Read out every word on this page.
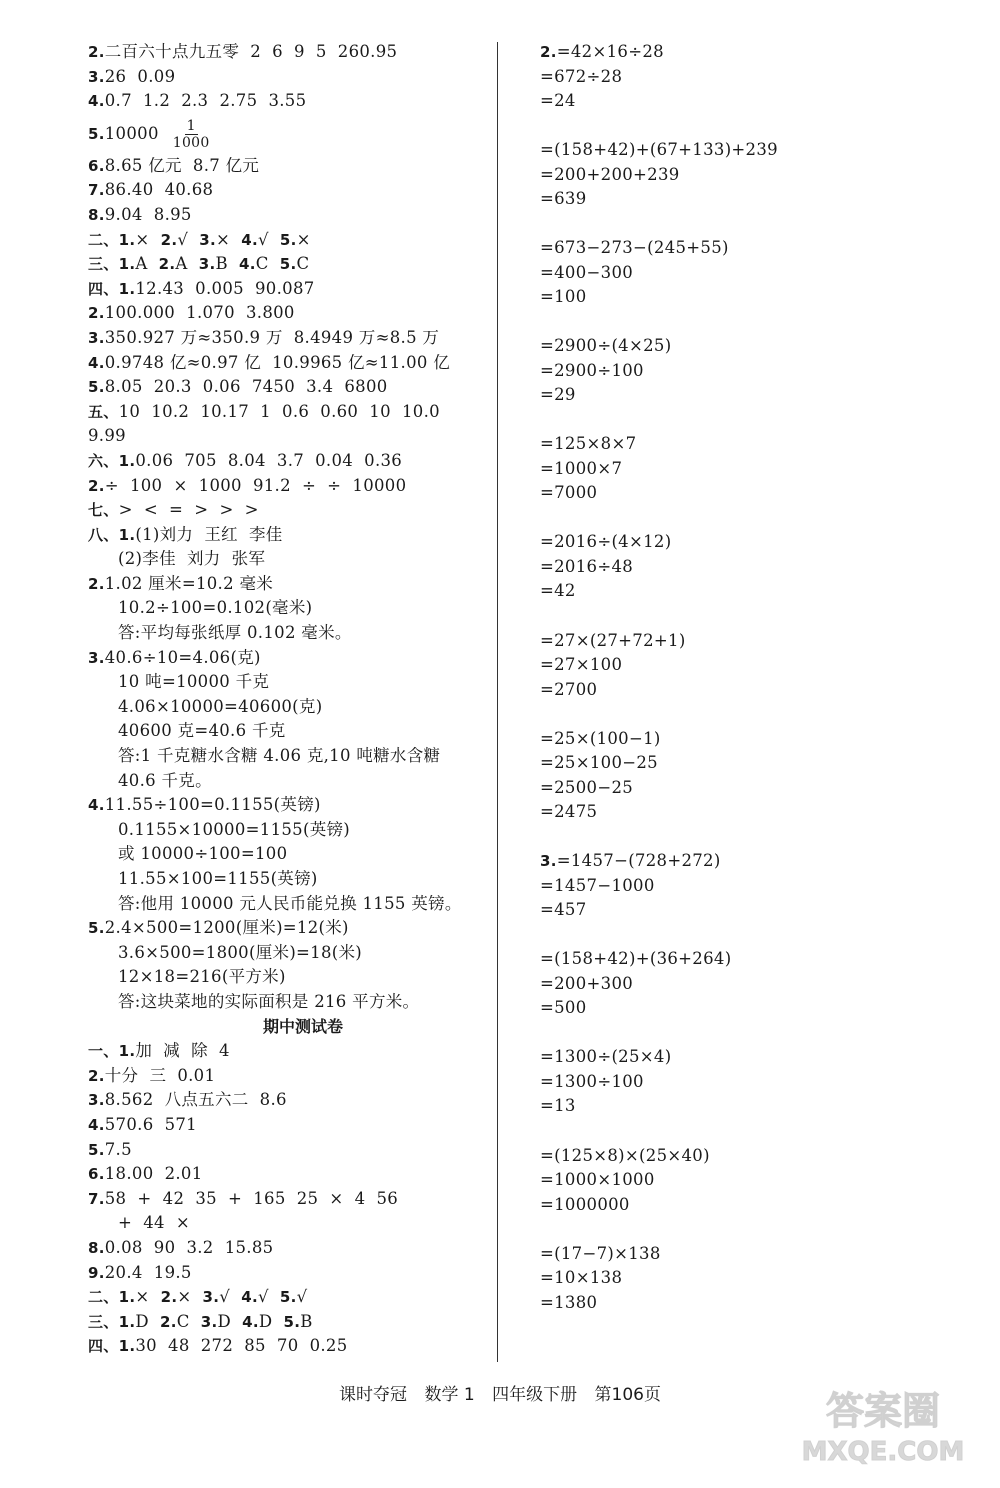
2.二百六十点九五零  2  6  9  5  260.95
3.26  0.09
4.0.7  1.2  2.3  2.75  3.55
$5.10000 \frac{1}{1000}$
6.8.65 亿元  8.7 亿元
7.86.40  40.68
8.9.04  8.95
二、1.×  2.√  3.×  4.√  5.×
三、1.A  2.A  3.B  4.C  5.C
四、1.12.43  0.005  90.087
2.100.000  1.070  3.800
3.350.927 万≈350.9 万  8.4949 万≈8.5 万
4.0.9748 亿≈0.97 亿  10.9965 亿≈11.00 亿
5.8.05  20.3  0.06  7450  3.4  6800
五、10  10.2  10.17  1  0.6  0.60  10  10.0
9.99
六、1.0.06  705  8.04  3.7  0.04  0.36
2.÷  100  ×  1000  91.2  ÷  ÷  10000
七、>  <  =  >  >  >
八、1.(1)刘力  王红  李佳
(2)李佳  刘力  张军
2.1.02 厘米=10.2 毫米
10.2÷100=0.102(毫米)
答:平均每张纸厚 0.102 毫米。
3.40.6÷10=4.06(克)
10 吨=10000 千克
4.06×10000=40600(克)
40600 克=40.6 千克
答:1 千克糖水含糖 4.06 克,10 吨糖水含糖
40.6 千克。
4.11.55÷100=0.1155(英镑)
0.1155×10000=1155(英镑)
或 10000÷100=100
11.55×100=1155(英镑)
答:他用 10000 元人民币能兑换 1155 英镑。
5.2.4×500=1200(厘米)=12(米)
3.6×500=1800(厘米)=18(米)
12×18=216(平方米)
答:这块菜地的实际面积是 216 平方米。
期中测试卷
一、1.加  减  除  4
2.十分  三  0.01
3.8.562  八点五六二  8.6
4.570.6  571
5.7.5
6.18.00  2.01
7.58  +  42  35  +  165  25  ×  4  56
+  44  ×
8.0.08  90  3.2  15.85
9.20.4  19.5
二、1.×  2.×  3.√  4.√  5.√
三、1.D  2.C  3.D  4.D  5.B
四、1.30  48  272  85  70  0.25
2.=42×16÷28
=672÷28
=24
=(158+42)+(67+133)+239
=200+200+239
=639
=673−273−(245+55)
=400−300
=100
=2900÷(4×25)
=2900÷100
=29
=125×8×7
=1000×7
=7000
=2016÷(4×12)
=2016÷48
=42
=27×(27+72+1)
=27×100
=2700
=25×(100−1)
=25×100−25
=2500−25
=2475
3.=1457−(728+272)
=1457−1000
=457
=(158+42)+(36+264)
=200+300
=500
=1300÷(25×4)
=1300÷100
=13
=(125×8)×(25×40)
=1000×1000
=1000000
=(17−7)×138
=10×138
=1380
课时夺冠 数学 1 四年级下册 第106页	答案圈
MXQE.COM
